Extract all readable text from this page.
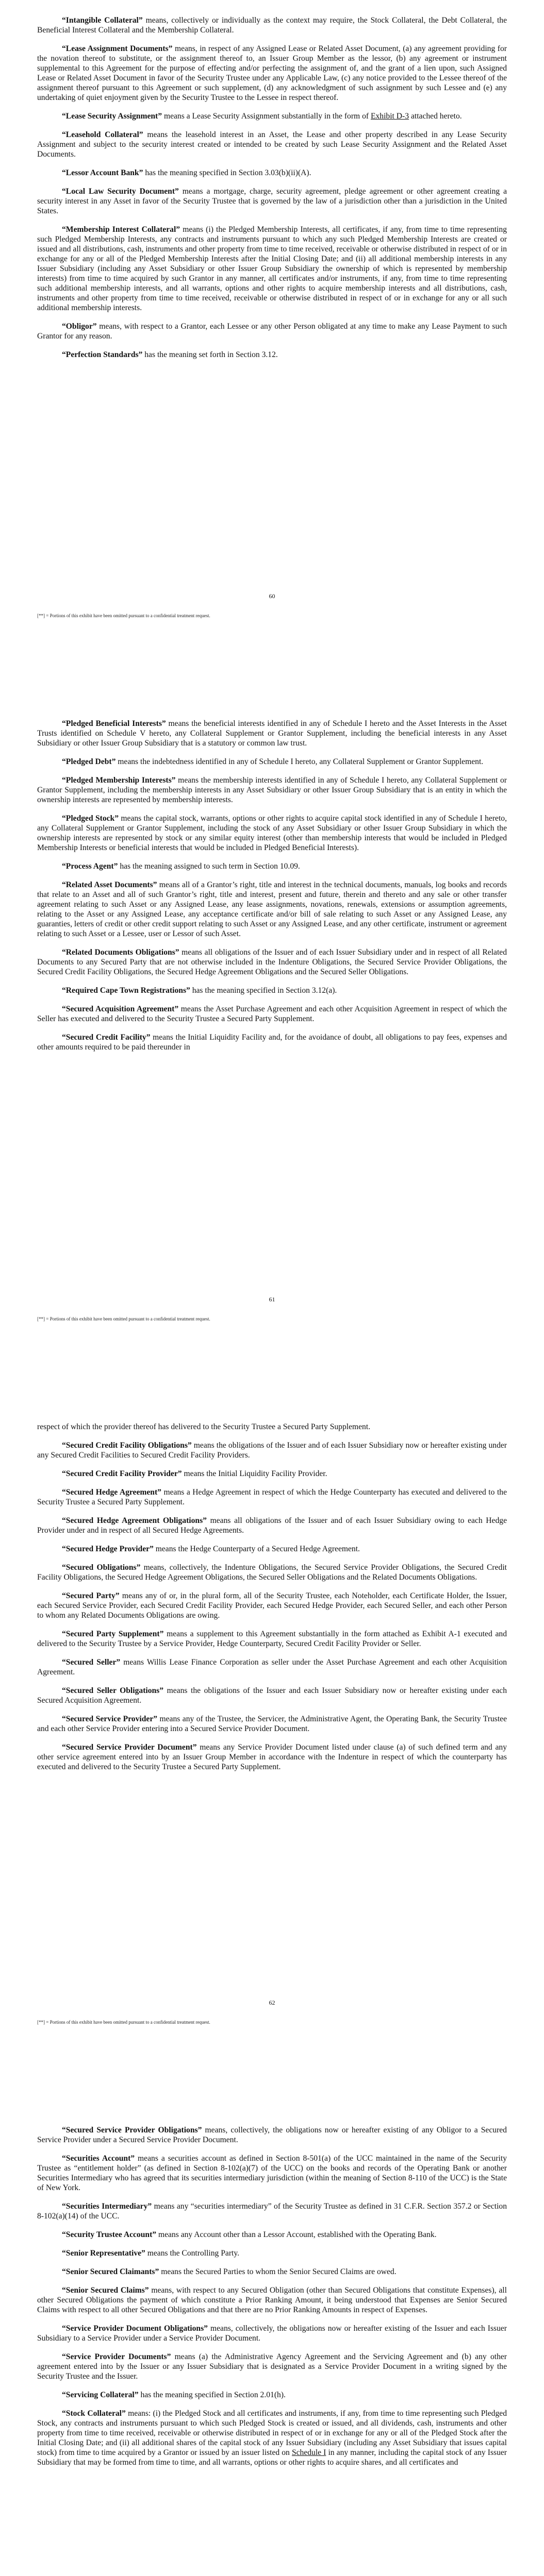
“Intangible Collateral” means, collectively or individually as the context may require, the Stock Collateral, the Debt Collateral, the Beneficial Interest Collateral and the Membership Collateral.

“Lease Assignment Documents” means, in respect of any Assigned Lease or Related Asset Document, (a) any agreement providing for the novation thereof to substitute, or the assignment thereof to, an Issuer Group Member as the lessor, (b) any agreement or instrument supplemental to this Agreement for the purpose of effecting and/or perfecting the assignment of, and the grant of a lien upon, such Assigned Lease or Related Asset Document in favor of the Security Trustee under any Applicable Law, (c) any notice provided to the Lessee thereof of the assignment thereof pursuant to this Agreement or such supplement, (d) any acknowledgment of such assignment by such Lessee and (e) any undertaking of quiet enjoyment given by the Security Trustee to the Lessee in respect thereof.

“Lease Security Assignment” means a Lease Security Assignment substantially in the form of Exhibit D-3 attached hereto.

“Leasehold Collateral” means the leasehold interest in an Asset, the Lease and other property described in any Lease Security Assignment and subject to the security interest created or intended to be created by such Lease Security Assignment and the Related Asset Documents.

“Lessor Account Bank” has the meaning specified in Section 3.03(b)(ii)(A).

“Local Law Security Document” means a mortgage, charge, security agreement, pledge agreement or other agreement creating a security interest in any Asset in favor of the Security Trustee that is governed by the law of a jurisdiction other than a jurisdiction in the United States.

“Membership Interest Collateral” means (i) the Pledged Membership Interests, all certificates, if any, from time to time representing such Pledged Membership Interests, any contracts and instruments pursuant to which any such Pledged Membership Interests are created or issued and all distributions, cash, instruments and other property from time to time received, receivable or otherwise distributed in respect of or in exchange for any or all of the Pledged Membership Interests after the Initial Closing Date; and (ii) all additional membership interests in any Issuer Subsidiary (including any Asset Subsidiary or other Issuer Group Subsidiary the ownership of which is represented by membership interests) from time to time acquired by such Grantor in any manner, all certificates and/or instruments, if any, from time to time representing such additional membership interests, and all warrants, options and other rights to acquire membership interests and all distributions, cash, instruments and other property from time to time received, receivable or otherwise distributed in respect of or in exchange for any or all such additional membership interests.

“Obligor” means, with respect to a Grantor, each Lessee or any other Person obligated at any time to make any Lease Payment to such Grantor for any reason.

“Perfection Standards” has the meaning set forth in Section 3.12.

60
[**] = Portions of this exhibit have been omitted pursuant to a confidential treatment request.

“Pledged Beneficial Interests” means the beneficial interests identified in any of Schedule I hereto and the Asset Interests in the Asset Trusts identified on Schedule V hereto, any Collateral Supplement or Grantor Supplement, including the beneficial interests in any Asset Subsidiary or other Issuer Group Subsidiary that is a statutory or common law trust.

“Pledged Debt” means the indebtedness identified in any of Schedule I hereto, any Collateral Supplement or Grantor Supplement.

“Pledged Membership Interests” means the membership interests identified in any of Schedule I hereto, any Collateral Supplement or Grantor Supplement, including the membership interests in any Asset Subsidiary or other Issuer Group Subsidiary that is an entity in which the ownership interests are represented by membership interests.

“Pledged Stock” means the capital stock, warrants, options or other rights to acquire capital stock identified in any of Schedule I hereto, any Collateral Supplement or Grantor Supplement, including the stock of any Asset Subsidiary or other Issuer Group Subsidiary in which the ownership interests are represented by stock or any similar equity interest (other than membership interests that would be included in Pledged Membership Interests or beneficial interests that would be included in Pledged Beneficial Interests).

“Process Agent” has the meaning assigned to such term in Section 10.09.

“Related Asset Documents” means all of a Grantor’s right, title and interest in the technical documents, manuals, log books and records that relate to an Asset and all of such Grantor’s right, title and interest, present and future, therein and thereto and any sale or other transfer agreement relating to such Asset or any Assigned Lease, any lease assignments, novations, renewals, extensions or assumption agreements, relating to the Asset or any Assigned Lease, any acceptance certificate and/or bill of sale relating to such Asset or any Assigned Lease, any guaranties, letters of credit or other credit support relating to such Asset or any Assigned Lease, and any other certificate, instrument or agreement relating to such Asset or a Lessee, user or Lessor of such Asset.

“Related Documents Obligations” means all obligations of the Issuer and of each Issuer Subsidiary under and in respect of all Related Documents to any Secured Party that are not otherwise included in the Indenture Obligations, the Secured Service Provider Obligations, the Secured Credit Facility Obligations, the Secured Hedge Agreement Obligations and the Secured Seller Obligations.

“Required Cape Town Registrations” has the meaning specified in Section 3.12(a).

“Secured Acquisition Agreement” means the Asset Purchase Agreement and each other Acquisition Agreement in respect of which the Seller has executed and delivered to the Security Trustee a Secured Party Supplement.

“Secured Credit Facility” means the Initial Liquidity Facility and, for the avoidance of doubt, all obligations to pay fees, expenses and other amounts required to be paid thereunder in

61
[**] = Portions of this exhibit have been omitted pursuant to a confidential treatment request.

respect of which the provider thereof has delivered to the Security Trustee a Secured Party Supplement.

“Secured Credit Facility Obligations” means the obligations of the Issuer and of each Issuer Subsidiary now or hereafter existing under any Secured Credit Facilities to Secured Credit Facility Providers.

“Secured Credit Facility Provider” means the Initial Liquidity Facility Provider.

“Secured Hedge Agreement” means a Hedge Agreement in respect of which the Hedge Counterparty has executed and delivered to the Security Trustee a Secured Party Supplement.

“Secured Hedge Agreement Obligations” means all obligations of the Issuer and of each Issuer Subsidiary owing to each Hedge Provider under and in respect of all Secured Hedge Agreements.

“Secured Hedge Provider” means the Hedge Counterparty of a Secured Hedge Agreement.

“Secured Obligations” means, collectively, the Indenture Obligations, the Secured Service Provider Obligations, the Secured Credit Facility Obligations, the Secured Hedge Agreement Obligations, the Secured Seller Obligations and the Related Documents Obligations.

“Secured Party” means any of or, in the plural form, all of the Security Trustee, each Noteholder, each Certificate Holder, the Issuer, each Secured Service Provider, each Secured Credit Facility Provider, each Secured Hedge Provider, each Secured Seller, and each other Person to whom any Related Documents Obligations are owing.

“Secured Party Supplement” means a supplement to this Agreement substantially in the form attached as Exhibit A-1 executed and delivered to the Security Trustee by a Service Provider, Hedge Counterparty, Secured Credit Facility Provider or Seller.

“Secured Seller” means Willis Lease Finance Corporation as seller under the Asset Purchase Agreement and each other Acquisition Agreement.

“Secured Seller Obligations” means the obligations of the Issuer and each Issuer Subsidiary now or hereafter existing under each Secured Acquisition Agreement.

“Secured Service Provider” means any of the Trustee, the Servicer, the Administrative Agent, the Operating Bank, the Security Trustee and each other Service Provider entering into a Secured Service Provider Document.

“Secured Service Provider Document” means any Service Provider Document listed under clause (a) of such defined term and any other service agreement entered into by an Issuer Group Member in accordance with the Indenture in respect of which the counterparty has executed and delivered to the Security Trustee a Secured Party Supplement.

62
[**] = Portions of this exhibit have been omitted pursuant to a confidential treatment request.

“Secured Service Provider Obligations” means, collectively, the obligations now or hereafter existing of any Obligor to a Secured Service Provider under a Secured Service Provider Document.

“Securities Account” means a securities account as defined in Section 8-501(a) of the UCC maintained in the name of the Security Trustee as “entitlement holder” (as defined in Section 8-102(a)(7) of the UCC) on the books and records of the Operating Bank or another Securities Intermediary who has agreed that its securities intermediary jurisdiction (within the meaning of Section 8-110 of the UCC) is the State of New York.

“Securities Intermediary” means any “securities intermediary” of the Security Trustee as defined in 31 C.F.R. Section 357.2 or Section 8-102(a)(14) of the UCC.

“Security Trustee Account” means any Account other than a Lessor Account, established with the Operating Bank.

“Senior Representative” means the Controlling Party.

“Senior Secured Claimants” means the Secured Parties to whom the Senior Secured Claims are owed.

“Senior Secured Claims” means, with respect to any Secured Obligation (other than Secured Obligations that constitute Expenses), all other Secured Obligations the payment of which constitute a Prior Ranking Amount, it being understood that Expenses are Senior Secured Claims with respect to all other Secured Obligations and that there are no Prior Ranking Amounts in respect of Expenses.

“Service Provider Document Obligations” means, collectively, the obligations now or hereafter existing of the Issuer and each Issuer Subsidiary to a Service Provider under a Service Provider Document.

“Service Provider Documents” means (a) the Administrative Agency Agreement and the Servicing Agreement and (b) any other agreement entered into by the Issuer or any Issuer Subsidiary that is designated as a Service Provider Document in a writing signed by the Security Trustee and the Issuer.

“Servicing Collateral” has the meaning specified in Section 2.01(h).

“Stock Collateral” means: (i) the Pledged Stock and all certificates and instruments, if any, from time to time representing such Pledged Stock, any contracts and instruments pursuant to which such Pledged Stock is created or issued, and all dividends, cash, instruments and other property from time to time received, receivable or otherwise distributed in respect of or in exchange for any or all of the Pledged Stock after the Initial Closing Date; and (ii) all additional shares of the capital stock of any Issuer Subsidiary (including any Asset Subsidiary that issues capital stock) from time to time acquired by a Grantor or issued by an issuer listed on Schedule I in any manner, including the capital stock of any Issuer Subsidiary that may be formed from time to time, and all warrants, options or other rights to acquire shares, and all certificates and
